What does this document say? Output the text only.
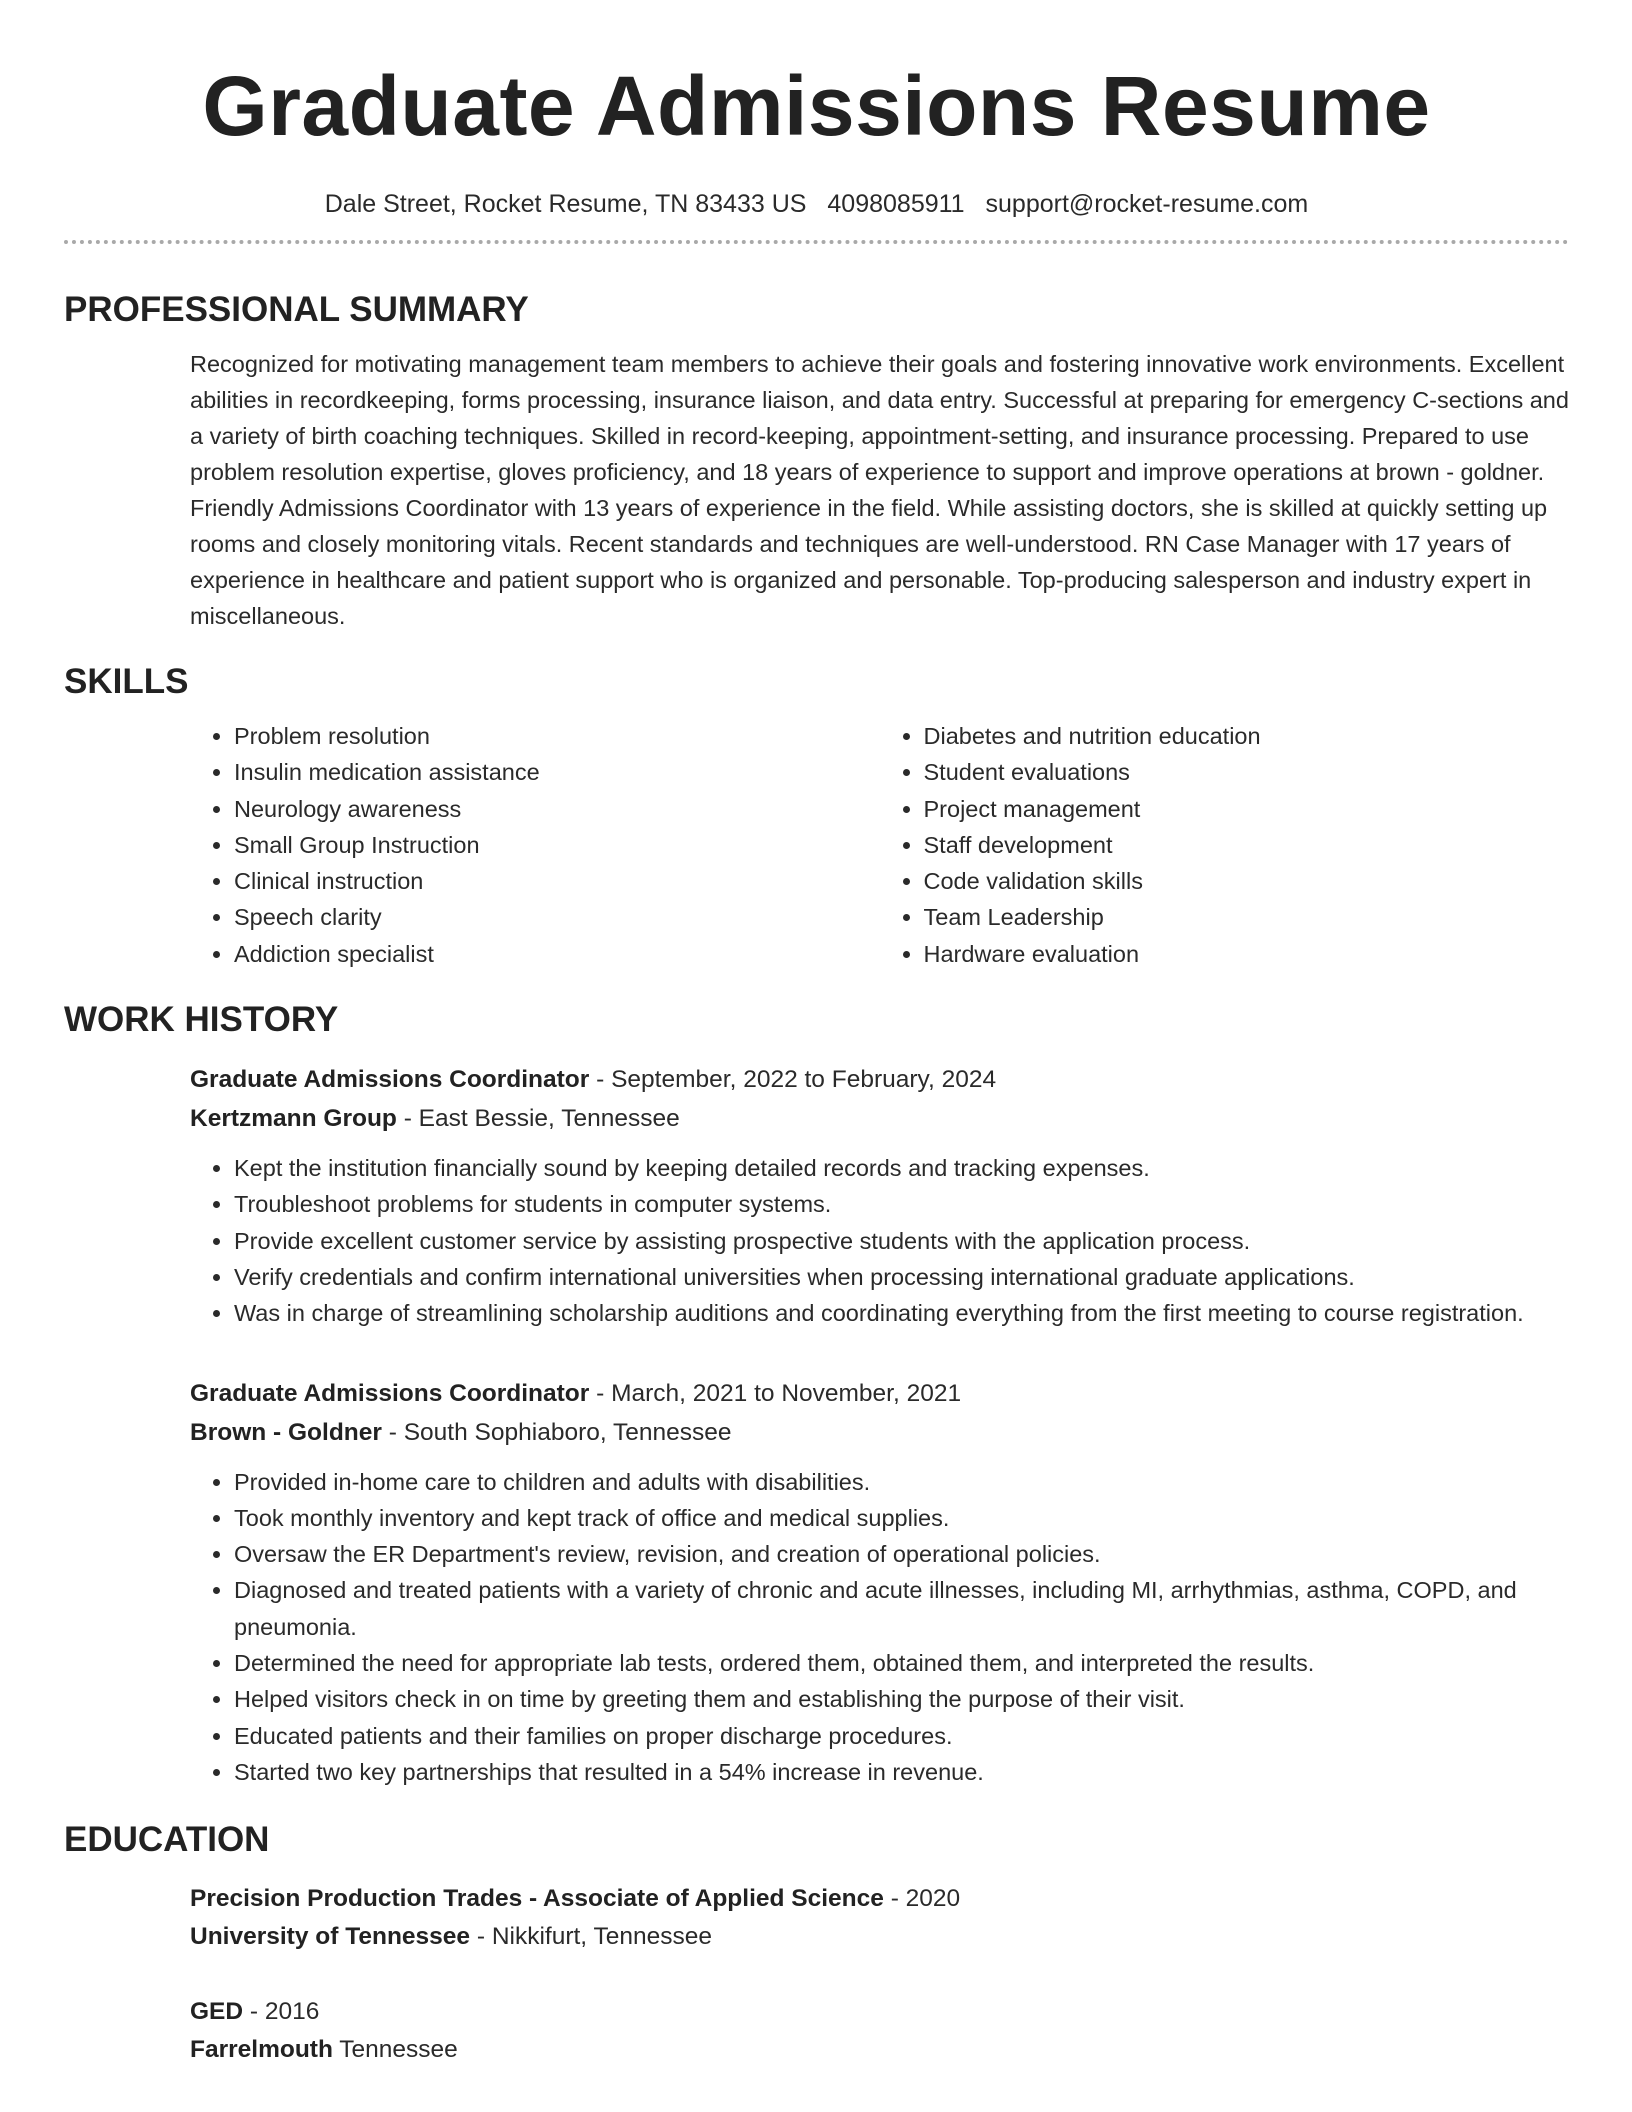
Graduate Admissions Resume
Dale Street, Rocket Resume, TN 83433 US 4098085911 support@rocket-resume.com
PROFESSIONAL SUMMARY

Recognized for motivating management team members to achieve their goals and fostering innovative work environments. Excellent abilities in recordkeeping, forms processing, insurance liaison, and data entry. Successful at preparing for emergency C-sections and a variety of birth coaching techniques. Skilled in record-keeping, appointment-setting, and insurance processing. Prepared to use problem resolution expertise, gloves proficiency, and 18 years of experience to support and improve operations at brown - goldner. Friendly Admissions Coordinator with 13 years of experience in the field. While assisting doctors, she is skilled at quickly setting up rooms and closely monitoring vitals. Recent standards and techniques are well-understood. RN Case Manager with 17 years of experience in healthcare and patient support who is organized and personable. Top-producing salesperson and industry expert in miscellaneous.

SKILLS
• Problem resolution
• Insulin medication assistance
• Neurology awareness
• Small Group Instruction
• Clinical instruction
• Speech clarity
• Addiction specialist
• Diabetes and nutrition education
• Student evaluations
• Project management
• Staff development
• Code validation skills
• Team Leadership
• Hardware evaluation
WORK HISTORY
Graduate Admissions Coordinator - September, 2022 to February, 2024
Kertzmann Group - East Bessie, Tennessee
• Kept the institution financially sound by keeping detailed records and tracking expenses.
• Troubleshoot problems for students in computer systems.
• Provide excellent customer service by assisting prospective students with the application process.
• Verify credentials and confirm international universities when processing international graduate applications.
• Was in charge of streamlining scholarship auditions and coordinating everything from the first meeting to course registration.
Graduate Admissions Coordinator - March, 2021 to November, 2021
Brown - Goldner - South Sophiaboro, Tennessee
• Provided in-home care to children and adults with disabilities.
• Took monthly inventory and kept track of office and medical supplies.
• Oversaw the ER Department's review, revision, and creation of operational policies.
• Diagnosed and treated patients with a variety of chronic and acute illnesses, including MI, arrhythmias, asthma, COPD, and pneumonia.
• Determined the need for appropriate lab tests, ordered them, obtained them, and interpreted the results.
• Helped visitors check in on time by greeting them and establishing the purpose of their visit.
• Educated patients and their families on proper discharge procedures.
• Started two key partnerships that resulted in a 54% increase in revenue.
EDUCATION
Precision Production Trades - Associate of Applied Science - 2020
University of Tennessee - Nikkifurt, Tennessee
GED - 2016
Farrelmouth Tennessee
